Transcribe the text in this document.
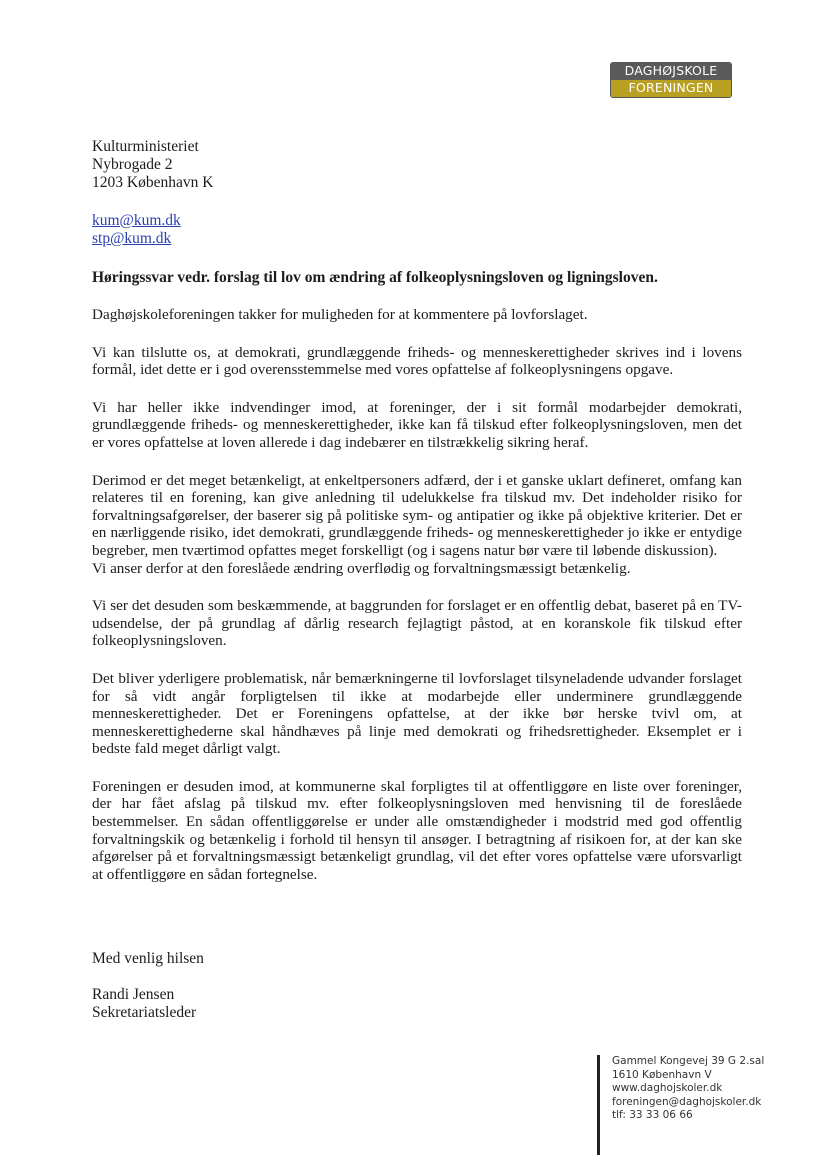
DAGHØJSKOLE
FORENINGEN
Kulturministeriet
Nybrogade 2
1203 København K
kum@kum.dk
stp@kum.dk
Høringssvar vedr. forslag til lov om ændring af folkeoplysningsloven og ligningsloven.

Daghøjskoleforeningen takker for muligheden for at kommentere på lovforslaget.

Vi kan tilslutte os, at demokrati, grundlæggende friheds- og menneskerettigheder skrives ind i lovens formål, idet dette er i god overensstemmelse med vores opfattelse af folkeoplysningens opgave.

Vi har heller ikke indvendinger imod, at foreninger, der i sit formål modarbejder demokrati, grundlæggende friheds- og menneskerettigheder, ikke kan få tilskud efter folkeoplysningsloven, men det er vores opfattelse at loven allerede i dag indebærer en tilstrækkelig sikring heraf.

Derimod er det meget betænkeligt, at enkeltpersoners adfærd, der i et ganske uklart defineret, omfang kan relateres til en forening, kan give anledning til udelukkelse fra tilskud mv. Det indeholder risiko for forvaltningsafgørelser, der baserer sig på politiske sym- og antipatier og ikke på objektive kriterier. Det er en nærliggende risiko, idet demokrati, grundlæggende friheds- og menneskerettigheder jo ikke er entydige begreber, men tværtimod opfattes meget forskelligt (og i sagens natur bør være til løbende diskussion).
Vi anser derfor at den foreslåede ændring overflødig og forvaltningsmæssigt betænkelig.

Vi ser det desuden som beskæmmende, at baggrunden for forslaget er en offentlig debat, baseret på en TV-udsendelse, der på grundlag af dårlig research fejlagtigt påstod, at en koranskole fik tilskud efter folkeoplysningsloven.

Det bliver yderligere problematisk, når bemærkningerne til lovforslaget tilsyneladende udvander forslaget for så vidt angår forpligtelsen til ikke at modarbejde eller underminere grundlæggende menneskerettigheder. Det er Foreningens opfattelse, at der ikke bør herske tvivl om, at menneskerettighederne skal håndhæves på linje med demokrati og frihedsrettigheder. Eksemplet er i bedste fald meget dårligt valgt.

Foreningen er desuden imod, at kommunerne skal forpligtes til at offentliggøre en liste over foreninger, der har fået afslag på tilskud mv. efter folkeoplysningsloven med henvisning til de foreslåede bestemmelser. En sådan offentliggørelse er under alle omstændigheder i modstrid med god offentlig forvaltningskik og betænkelig i forhold til hensyn til ansøger. I betragtning af risikoen for, at der kan ske afgørelser på et forvaltningsmæssigt betænkeligt grundlag, vil det efter vores opfattelse være uforsvarligt at offentliggøre en sådan fortegnelse.

Med venlig hilsen
Randi Jensen
Sekretariatsleder
Gammel Kongevej 39 G 2.sal
1610 København V
www.daghojskoler.dk
foreningen@daghojskoler.dk
tlf: 33 33 06 66
